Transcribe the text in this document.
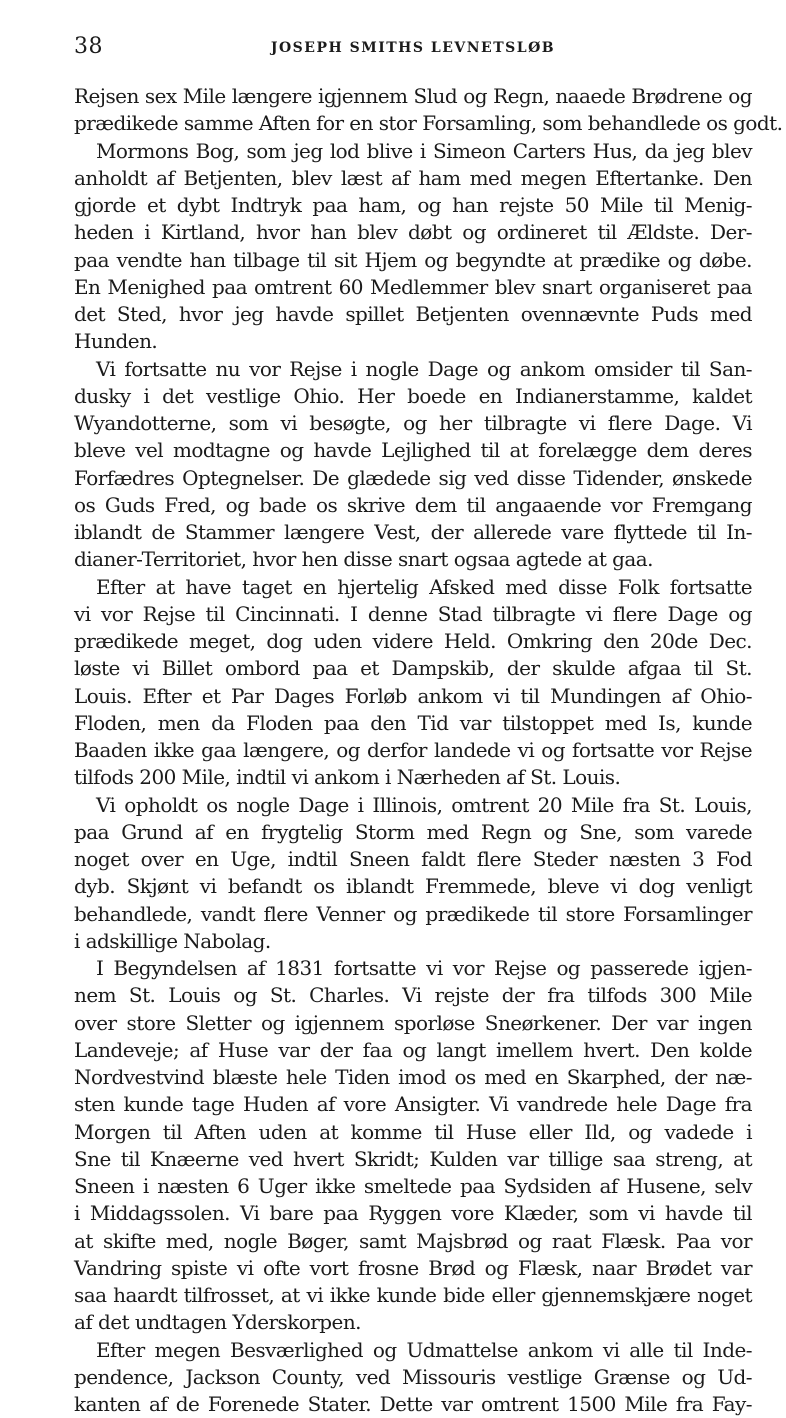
38	JOSEPH SMITHS LEVNETSLØB
Rejsen sex Mile længere igjennem Slud og Regn, naaede Brødrene og
prædikede samme Aften for en stor Forsamling, som behandlede os godt.
Mormons Bog, som jeg lod blive i Simeon Carters Hus, da jeg blev
anholdt af Betjenten, blev læst af ham med megen Eftertanke. Den
gjorde et dybt Indtryk paa ham, og han rejste 50 Mile til Menig-
heden i Kirtland, hvor han blev døbt og ordineret til Ældste. Der-
paa vendte han tilbage til sit Hjem og begyndte at prædike og døbe.
En Menighed paa omtrent 60 Medlemmer blev snart organiseret paa
det Sted, hvor jeg havde spillet Betjenten ovennævnte Puds med
Hunden.
Vi fortsatte nu vor Rejse i nogle Dage og ankom omsider til San-
dusky i det vestlige Ohio. Her boede en Indianerstamme, kaldet
Wyandotterne, som vi besøgte, og her tilbragte vi flere Dage. Vi
bleve vel modtagne og havde Lejlighed til at forelægge dem deres
Forfædres Optegnelser. De glædede sig ved disse Tidender, ønskede
os Guds Fred, og bade os skrive dem til angaaende vor Fremgang
iblandt de Stammer længere Vest, der allerede vare flyttede til In-
dianer-Territoriet, hvor hen disse snart ogsaa agtede at gaa.
Efter at have taget en hjertelig Afsked med disse Folk fortsatte
vi vor Rejse til Cincinnati. I denne Stad tilbragte vi flere Dage og
prædikede meget, dog uden videre Held. Omkring den 20de Dec.
løste vi Billet ombord paa et Dampskib, der skulde afgaa til St.
Louis. Efter et Par Dages Forløb ankom vi til Mundingen af Ohio-
Floden, men da Floden paa den Tid var tilstoppet med Is, kunde
Baaden ikke gaa længere, og derfor landede vi og fortsatte vor Rejse
tilfods 200 Mile, indtil vi ankom i Nærheden af St. Louis.
Vi opholdt os nogle Dage i Illinois, omtrent 20 Mile fra St. Louis,
paa Grund af en frygtelig Storm med Regn og Sne, som varede
noget over en Uge, indtil Sneen faldt flere Steder næsten 3 Fod
dyb. Skjønt vi befandt os iblandt Fremmede, bleve vi dog venligt
behandlede, vandt flere Venner og prædikede til store Forsamlinger
i adskillige Nabolag.
I Begyndelsen af 1831 fortsatte vi vor Rejse og passerede igjen-
nem St. Louis og St. Charles. Vi rejste der fra tilfods 300 Mile
over store Sletter og igjennem sporløse Sneørkener. Der var ingen
Landeveje; af Huse var der faa og langt imellem hvert. Den kolde
Nordvestvind blæste hele Tiden imod os med en Skarphed, der næ-
sten kunde tage Huden af vore Ansigter. Vi vandrede hele Dage fra
Morgen til Aften uden at komme til Huse eller Ild, og vadede i
Sne til Knæerne ved hvert Skridt; Kulden var tillige saa streng, at
Sneen i næsten 6 Uger ikke smeltede paa Sydsiden af Husene, selv
i Middagssolen. Vi bare paa Ryggen vore Klæder, som vi havde til
at skifte med, nogle Bøger, samt Majsbrød og raat Flæsk. Paa vor
Vandring spiste vi ofte vort frosne Brød og Flæsk, naar Brødet var
saa haardt tilfrosset, at vi ikke kunde bide eller gjennemskjære noget
af det undtagen Yderskorpen.
Efter megen Besværlighed og Udmattelse ankom vi alle til Inde-
pendence, Jackson County, ved Missouris vestlige Grænse og Ud-
kanten af de Forenede Stater. Dette var omtrent 1500 Mile fra Fay-
